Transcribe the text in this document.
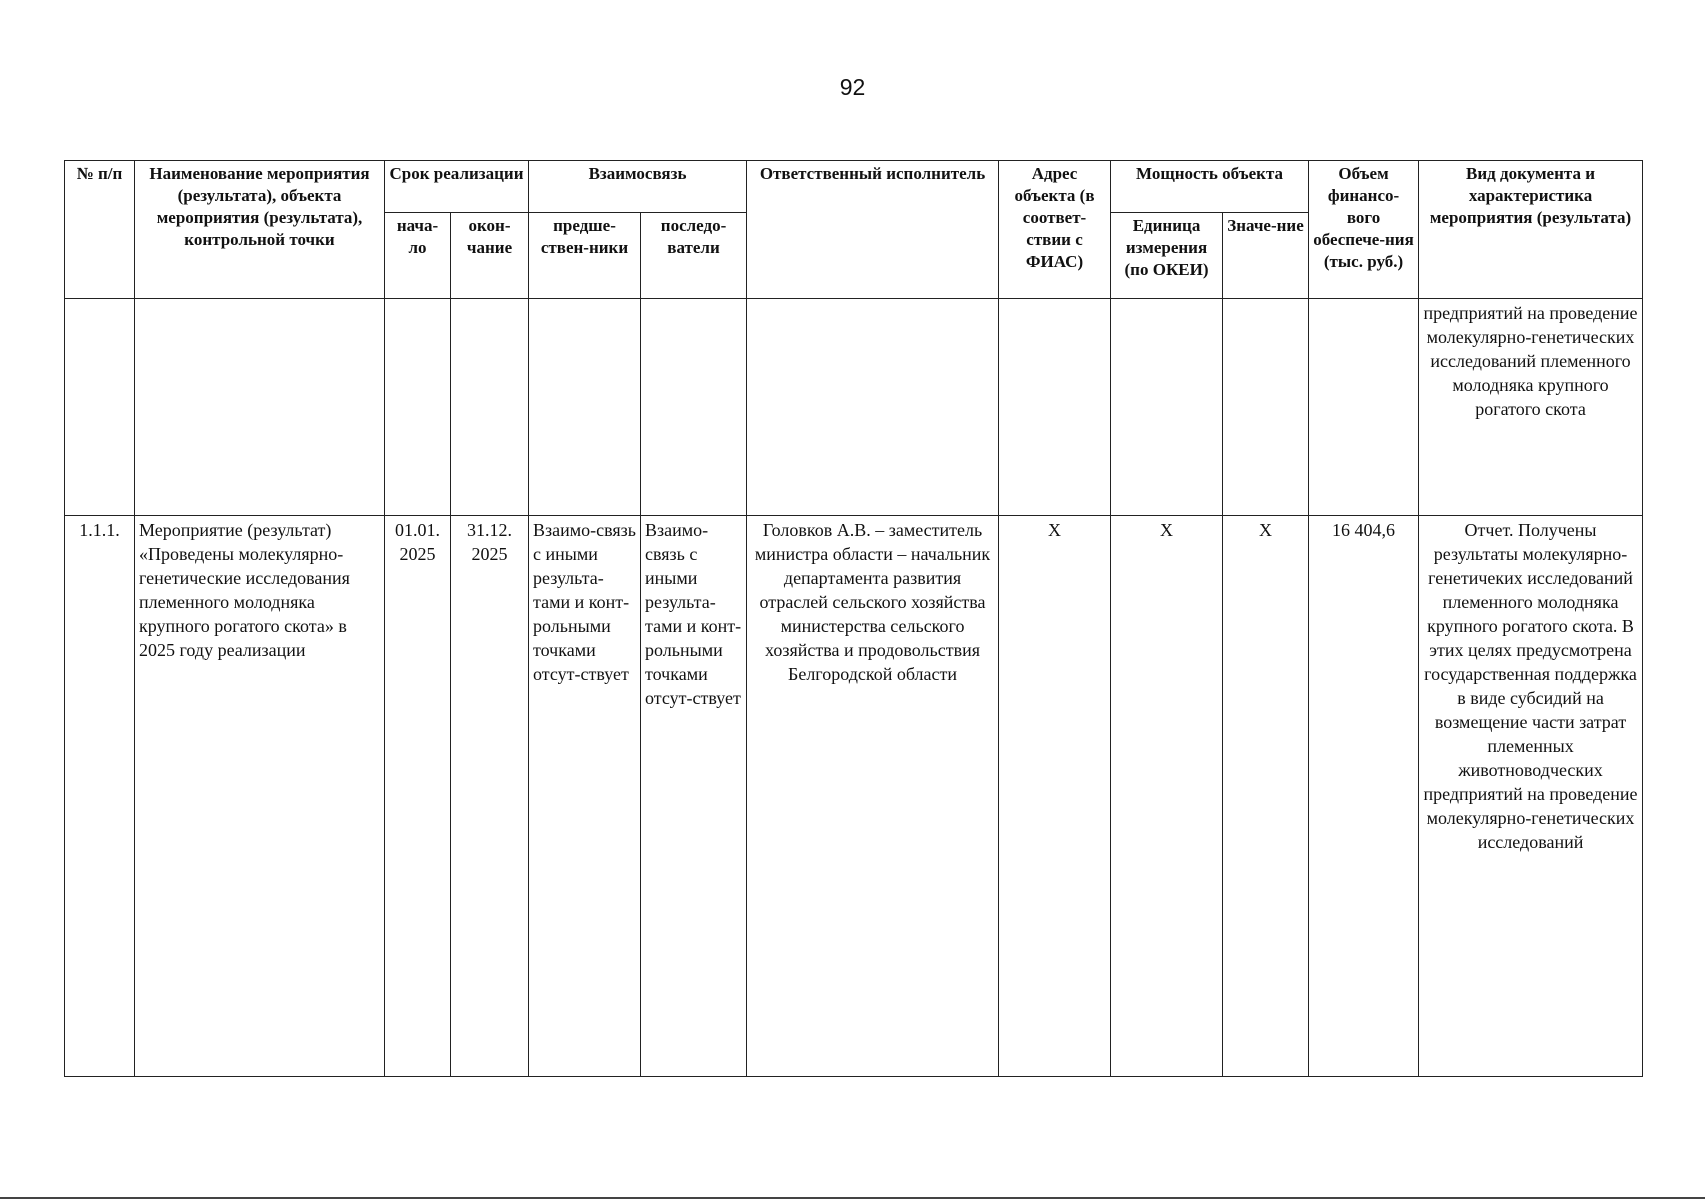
92
№ п/п	Наименование мероприятия (результата), объекта мероприятия (результата), контрольной точки	Срок реализации		Взаимосвязь		Ответственный исполнитель	Адрес объекта (в соответ-ствии с ФИАС)	Мощность объекта		Объем финансо-вого обеспече-ния (тыс. руб.)	Вид документа и характеристика мероприятия (результата)
		нача-ло	окон-чание	предше-ствен-ники	последо-ватели			Единица измерения (по ОКЕИ)	Значе-ние		
											предприятий на проведение молекулярно-генетических исследований племенного молодняка крупного рогатого скота
1.1.1.	Мероприятие (результат) «Проведены молекулярно-генетические исследования племенного молодняка крупного рогатого скота» в 2025 году реализации	01.01. 2025	31.12. 2025	Взаимо-связь с иными результа-тами и конт-рольными точками отсут-ствует	Взаимо-связь с иными результа-тами и конт-рольными точками отсут-ствует	Головков А.В. – заместитель министра области – начальник департамента развития отраслей сельского хозяйства министерства сельского хозяйства и продовольствия Белгородской области	X	X	X	16 404,6	Отчет. Получены результаты молекулярно-генетичеких исследований племенного молодняка крупного рогатого скота. В этих целях предусмотрена государственная поддержка в виде субсидий на возмещение части затрат племенных животноводческих предприятий на проведение молекулярно-генетических исследований
